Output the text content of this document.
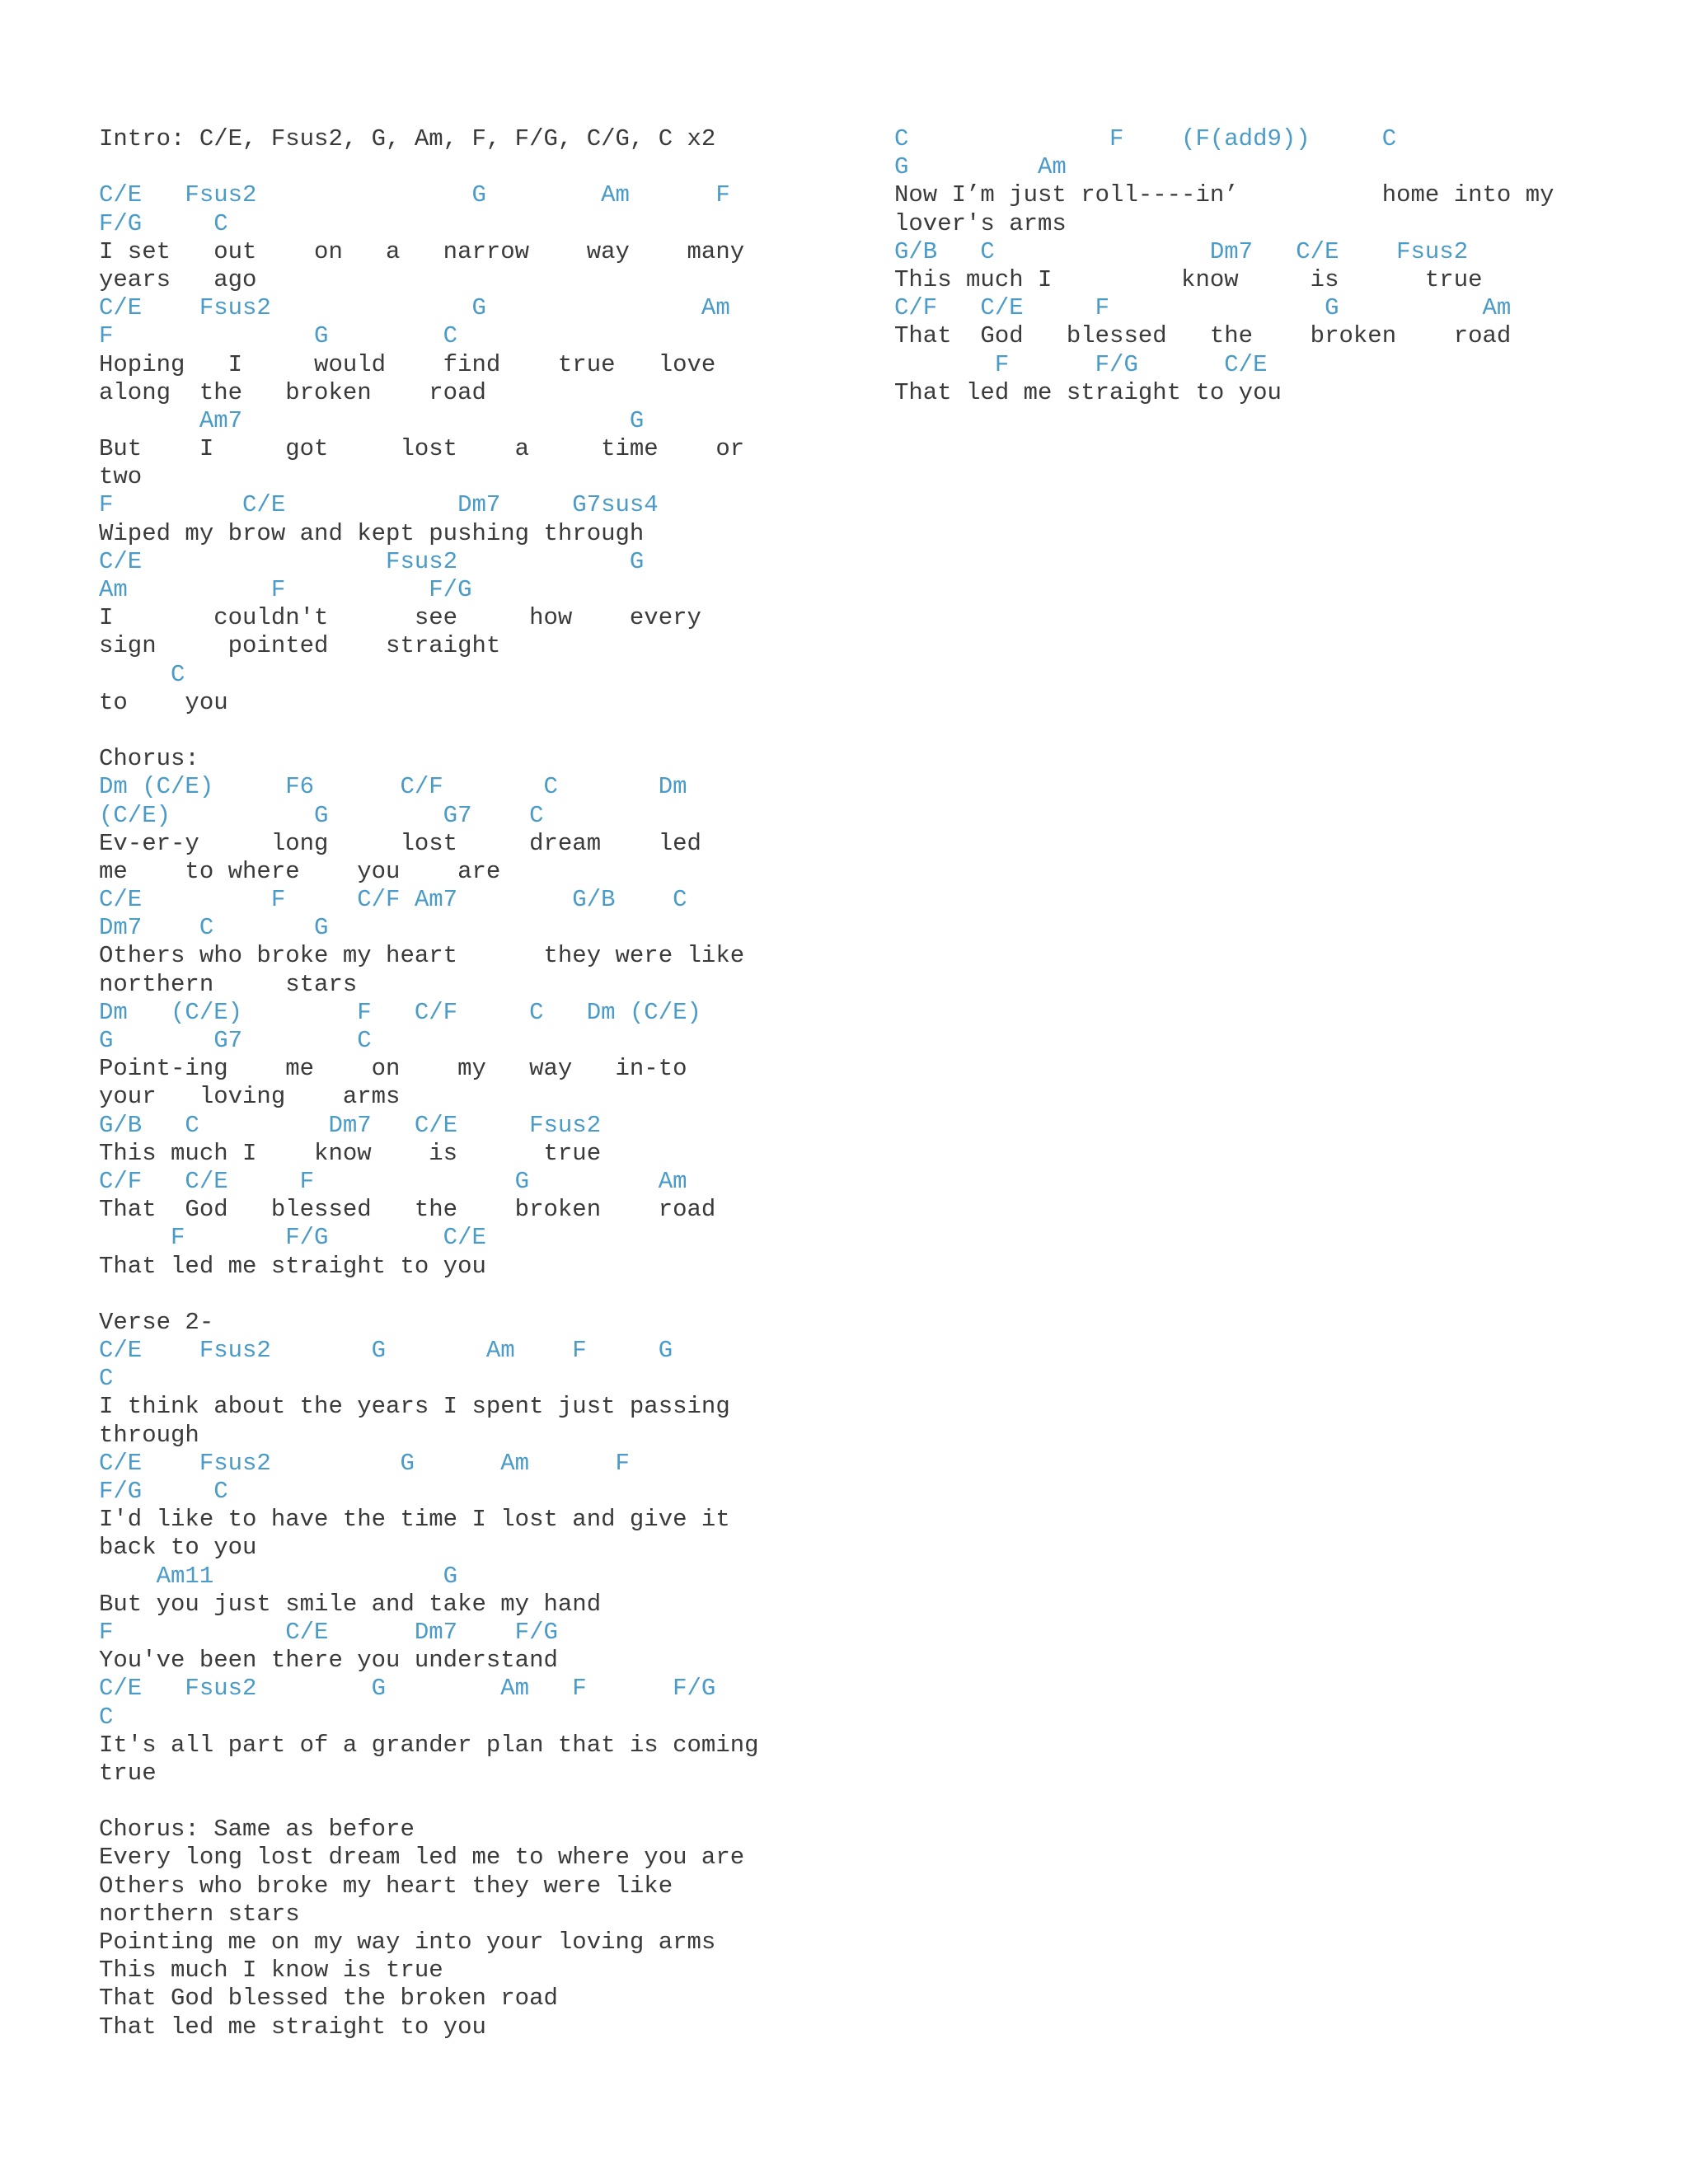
Intro: C/E, Fsus2, G, Am, F, F/G, C/G, C x2
C/E   Fsus2               G        Am      F
F/G     C
I set   out    on   a   narrow    way    many
years   ago
C/E    Fsus2              G               Am
F              G        C
Hoping   I     would    find    true   love
along  the   broken    road
Am7                           G
But    I     got     lost    a     time    or
two
F         C/E            Dm7     G7sus4
Wiped my brow and kept pushing through
C/E                 Fsus2            G
Am          F          F/G
I       couldn't      see     how    every
sign     pointed    straight
C
to    you
Chorus:
Dm (C/E)     F6      C/F       C       Dm
(C/E)          G        G7    C
Ev-er-y     long     lost     dream    led
me    to where    you    are
C/E         F     C/F Am7        G/B    C
Dm7    C       G
Others who broke my heart      they were like
northern     stars
Dm   (C/E)        F   C/F     C   Dm (C/E)
G       G7        C
Point-ing    me    on    my   way   in-to
your   loving    arms
G/B   C         Dm7   C/E     Fsus2
This much I    know    is      true
C/F   C/E     F              G         Am
That  God   blessed   the    broken    road
F       F/G        C/E
That led me straight to you
Verse 2-
C/E    Fsus2       G       Am    F     G
C
I think about the years I spent just passing
through
C/E    Fsus2         G      Am      F
F/G     C
I'd like to have the time I lost and give it
back to you
Am11                G
But you just smile and take my hand
F            C/E      Dm7    F/G
You've been there you understand
C/E   Fsus2        G        Am   F      F/G
C
It's all part of a grander plan that is coming
true
Chorus: Same as before
Every long lost dream led me to where you are
Others who broke my heart they were like
northern stars
Pointing me on my way into your loving arms
This much I know is true
That God blessed the broken road
That led me straight to you
C              F    (F(add9))     C
G         Am
Now I’m just roll----in’          home into my
lover's arms
G/B   C               Dm7   C/E    Fsus2
This much I         know     is      true
C/F   C/E     F               G          Am
That  God   blessed   the    broken    road
F      F/G      C/E
That led me straight to you
